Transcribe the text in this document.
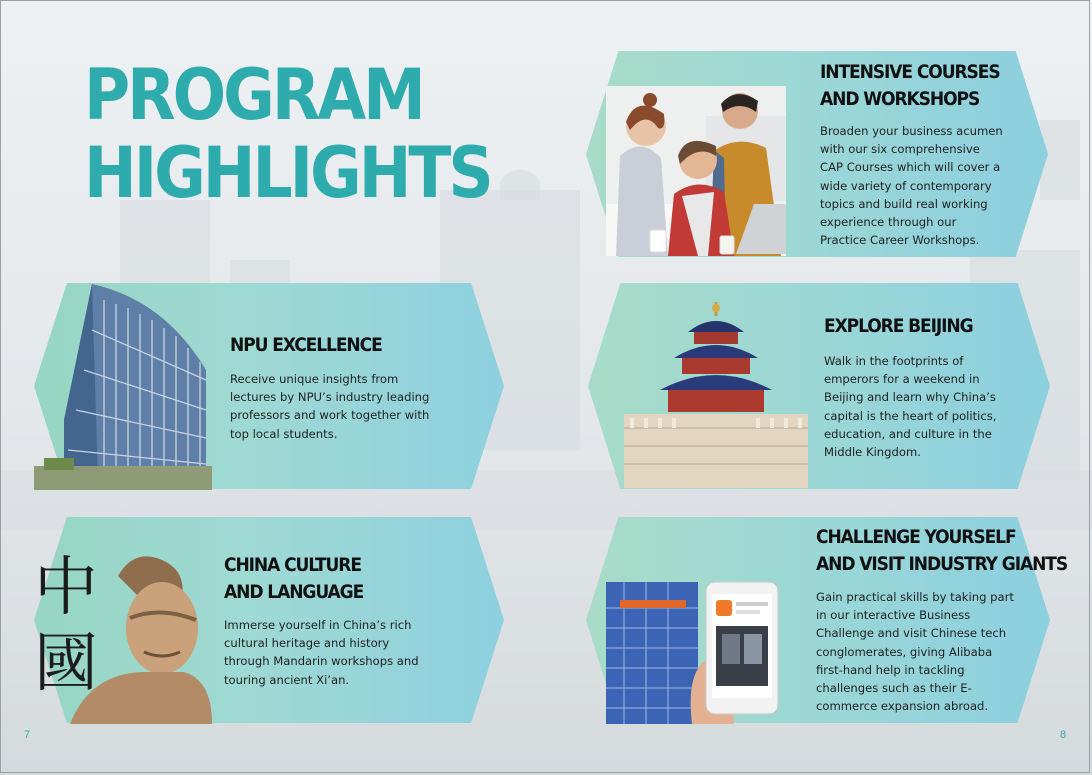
PROGRAM
HIGHLIGHTS
INTENSIVE COURSES
AND WORKSHOPS

Broaden your business acumen with our six comprehensive CAP Courses which will cover a wide variety of contemporary topics and build real working experience through our Practice Career Workshops.

NPU EXCELLENCE

Receive unique insights from lectures by NPU’s industry leading professors and work together with top local students.

EXPLORE BEIJING

Walk in the footprints of emperors for a weekend in Beijing and learn why China’s capital is the heart of politics, education, and culture in the Middle Kingdom.

中
國
CHINA CULTURE
AND LANGUAGE

Immerse yourself in China’s rich cultural heritage and history through Mandarin workshops and touring ancient Xi’an.

CHALLENGE YOURSELF
AND VISIT INDUSTRY GIANTS

Gain practical skills by taking part in our interactive Business Challenge and visit Chinese tech conglomerates, giving Alibaba first-hand help in tackling challenges such as their E-commerce expansion abroad.

7	8
